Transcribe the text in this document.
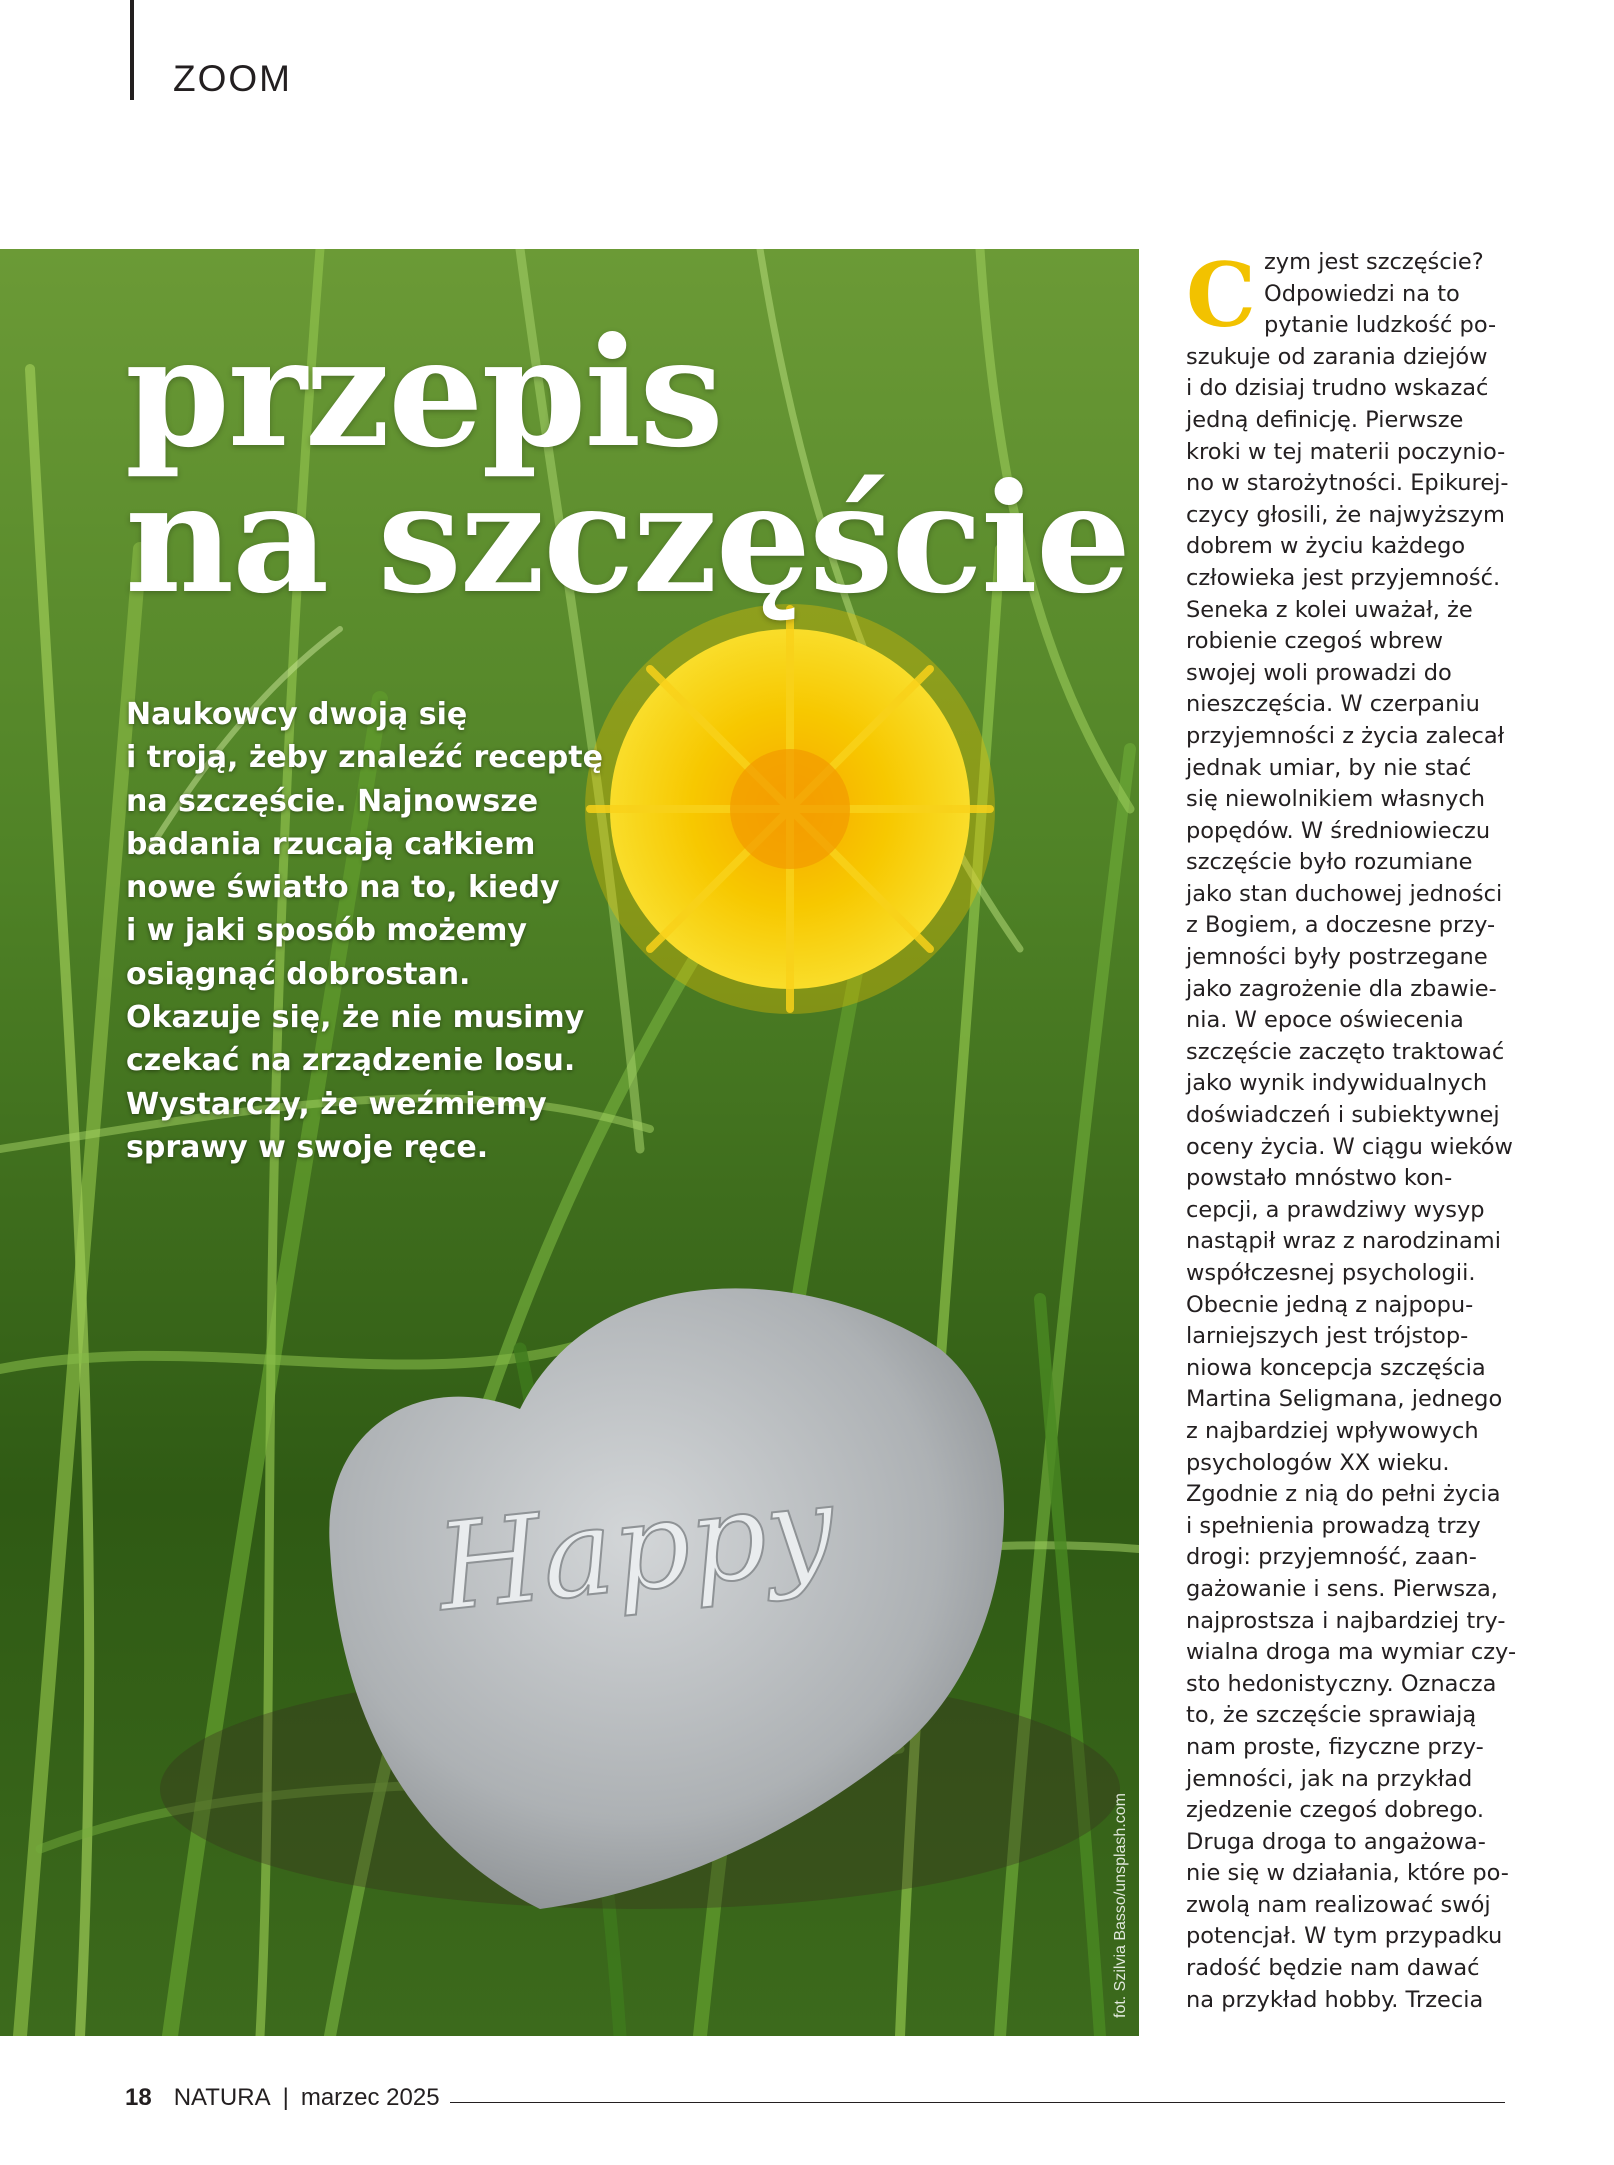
ZOOM
Happy
przepis
na szczęście

Naukowcy dwoją się
i troją, żeby znaleźć receptę
na szczęście. Najnowsze
badania rzucają całkiem
nowe światło na to, kiedy
i w jaki sposób możemy
osiągnąć dobrostan.
Okazuje się, że nie musimy
czekać na zrządzenie losu.
Wystarczy, że weźmiemy
sprawy w swoje ręce.

fot. Szilvia Basso/unsplash.com
C zym jest szczęście?
Odpowiedzi na to
pytanie ludzkość po-
szukuje od zarania dziejów
i do dzisiaj trudno wskazać
jedną definicję. Pierwsze
kroki w tej materii poczynio-
no w starożytności. Epikurej-
czycy głosili, że najwyższym
dobrem w życiu każdego
człowieka jest przyjemność.
Seneka z kolei uważał, że
robienie czegoś wbrew
swojej woli prowadzi do
nieszczęścia. W czerpaniu
przyjemności z życia zalecał
jednak umiar, by nie stać
się niewolnikiem własnych
popędów. W średniowieczu
szczęście było rozumiane
jako stan duchowej jedności
z Bogiem, a doczesne przy-
jemności były postrzegane
jako zagrożenie dla zbawie-
nia. W epoce oświecenia
szczęście zaczęto traktować
jako wynik indywidualnych
doświadczeń i subiektywnej
oceny życia. W ciągu wieków
powstało mnóstwo kon-
cepcji, a prawdziwy wysyp
nastąpił wraz z narodzinami
współczesnej psychologii.
Obecnie jedną z najpopu-
larniejszych jest trójstop-
niowa koncepcja szczęścia
Martina Seligmana, jednego
z najbardziej wpływowych
psychologów XX wieku.
Zgodnie z nią do pełni życia
i spełnienia prowadzą trzy
drogi: przyjemność, zaan-
gażowanie i sens. Pierwsza,
najprostsza i najbardziej try-
wialna droga ma wymiar czy-
sto hedonistyczny. Oznacza
to, że szczęście sprawiają
nam proste, fizyczne przy-
jemności, jak na przykład
zjedzenie czegoś dobrego.
Druga droga to angażowa-
nie się w działania, które po-
zwolą nam realizować swój
potencjał. W tym przypadku
radość będzie nam dawać
na przykład hobby. Trzecia
18 NATURA | marzec 2025
